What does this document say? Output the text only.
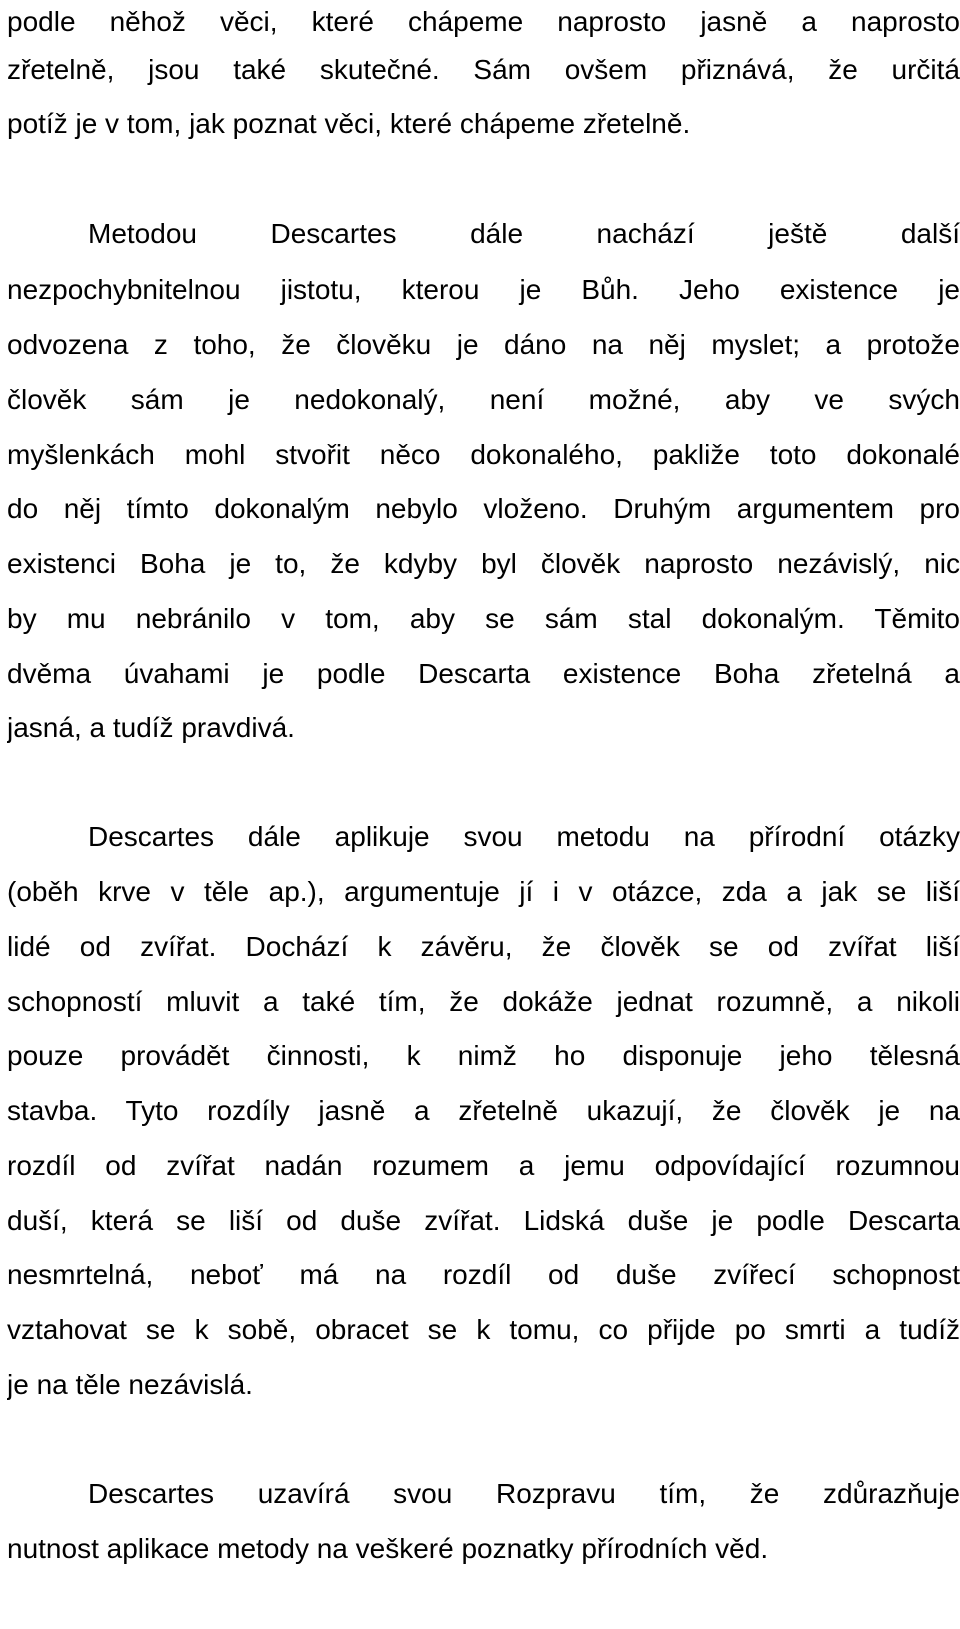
podle něhož věci, které chápeme naprosto jasně a naprosto
zřetelně, jsou také skutečné. Sám ovšem přiznává, že určitá
potíž je v tom, jak poznat věci, které chápeme zřetelně.
Metodou Descartes dále nachází ještě další
nezpochybnitelnou jistotu, kterou je Bůh. Jeho existence je
odvozena z toho, že člověku je dáno na něj myslet; a protože
člověk sám je nedokonalý, není možné, aby ve svých
myšlenkách mohl stvořit něco dokonalého, pakliže toto dokonalé
do něj tímto dokonalým nebylo vloženo. Druhým argumentem pro
existenci Boha je to, že kdyby byl člověk naprosto nezávislý, nic
by mu nebránilo v tom, aby se sám stal dokonalým. Těmito
dvěma úvahami je podle Descarta existence Boha zřetelná a
jasná, a tudíž pravdivá.
Descartes dále aplikuje svou metodu na přírodní otázky
(oběh krve v těle ap.), argumentuje jí i v otázce, zda a jak se liší
lidé od zvířat. Dochází k závěru, že člověk se od zvířat liší
schopností mluvit a také tím, že dokáže jednat rozumně, a nikoli
pouze provádět činnosti, k nimž ho disponuje jeho tělesná
stavba. Tyto rozdíly jasně a zřetelně ukazují, že člověk je na
rozdíl od zvířat nadán rozumem a jemu odpovídající rozumnou
duší, která se liší od duše zvířat. Lidská duše je podle Descarta
nesmrtelná, neboť má na rozdíl od duše zvířecí schopnost
vztahovat se k sobě, obracet se k tomu, co přijde po smrti a tudíž
je na těle nezávislá.
Descartes uzavírá svou Rozpravu tím, že zdůrazňuje
nutnost aplikace metody na veškeré poznatky přírodních věd.
